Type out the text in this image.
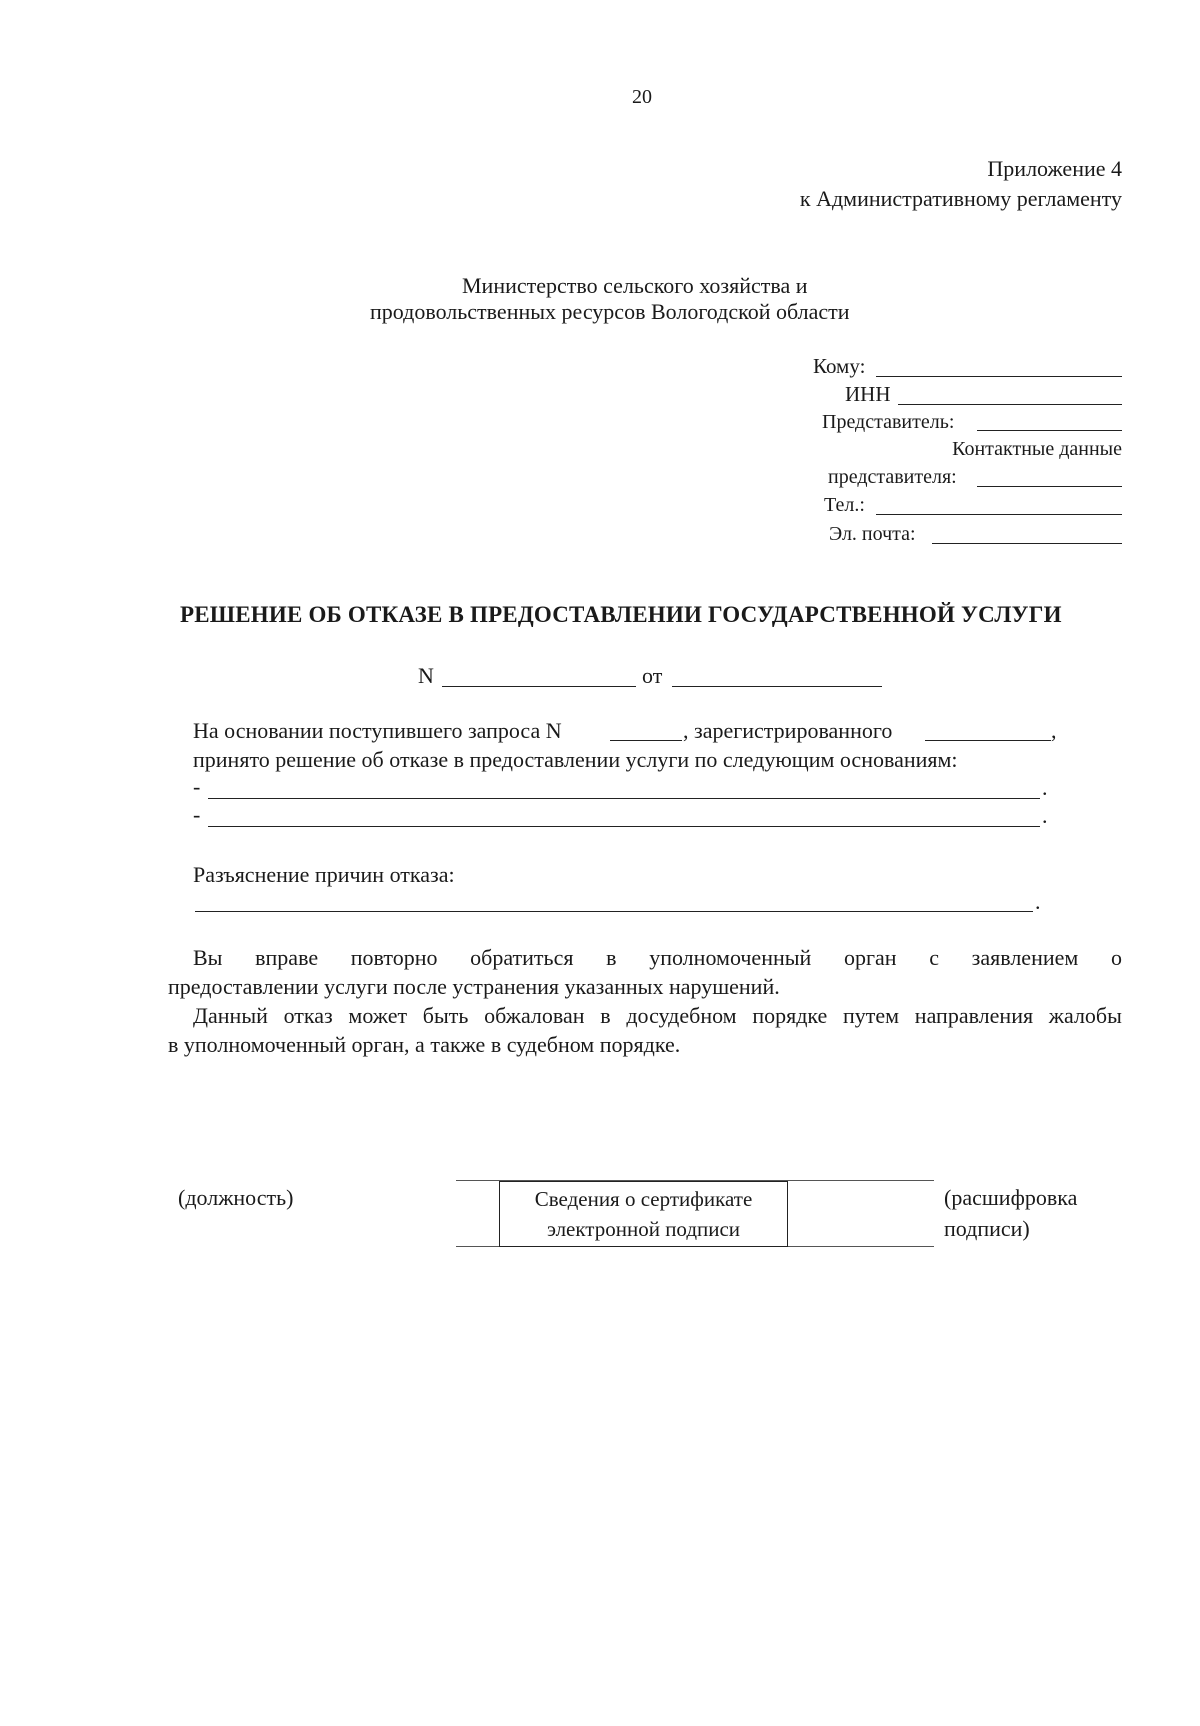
20
Приложение 4
к Административному регламенту
Министерство сельского хозяйства и
продовольственных ресурсов Вологодской области
Кому:
ИНН
Представитель:
Контактные данные
представителя:
Тел.:
Эл. почта:
РЕШЕНИЕ ОБ ОТКАЗЕ В ПРЕДОСТАВЛЕНИИ ГОСУДАРСТВЕННОЙ УСЛУГИ
N	от
На основании поступившего запроса N	, зарегистрированного	,
принято решение об отказе в предоставлении услуги по следующим основаниям:
-	.
-	.
Разъяснение причин отказа:
.
Вы вправе повторно обратиться в уполномоченный орган с заявлением о
предоставлении услуги после устранения указанных нарушений.
Данный отказ может быть обжалован в досудебном порядке путем направления жалобы
в уполномоченный орган, а также в судебном порядке.
(должность)	Сведения о сертификате
электронной подписи
(расшифровка
подписи)
